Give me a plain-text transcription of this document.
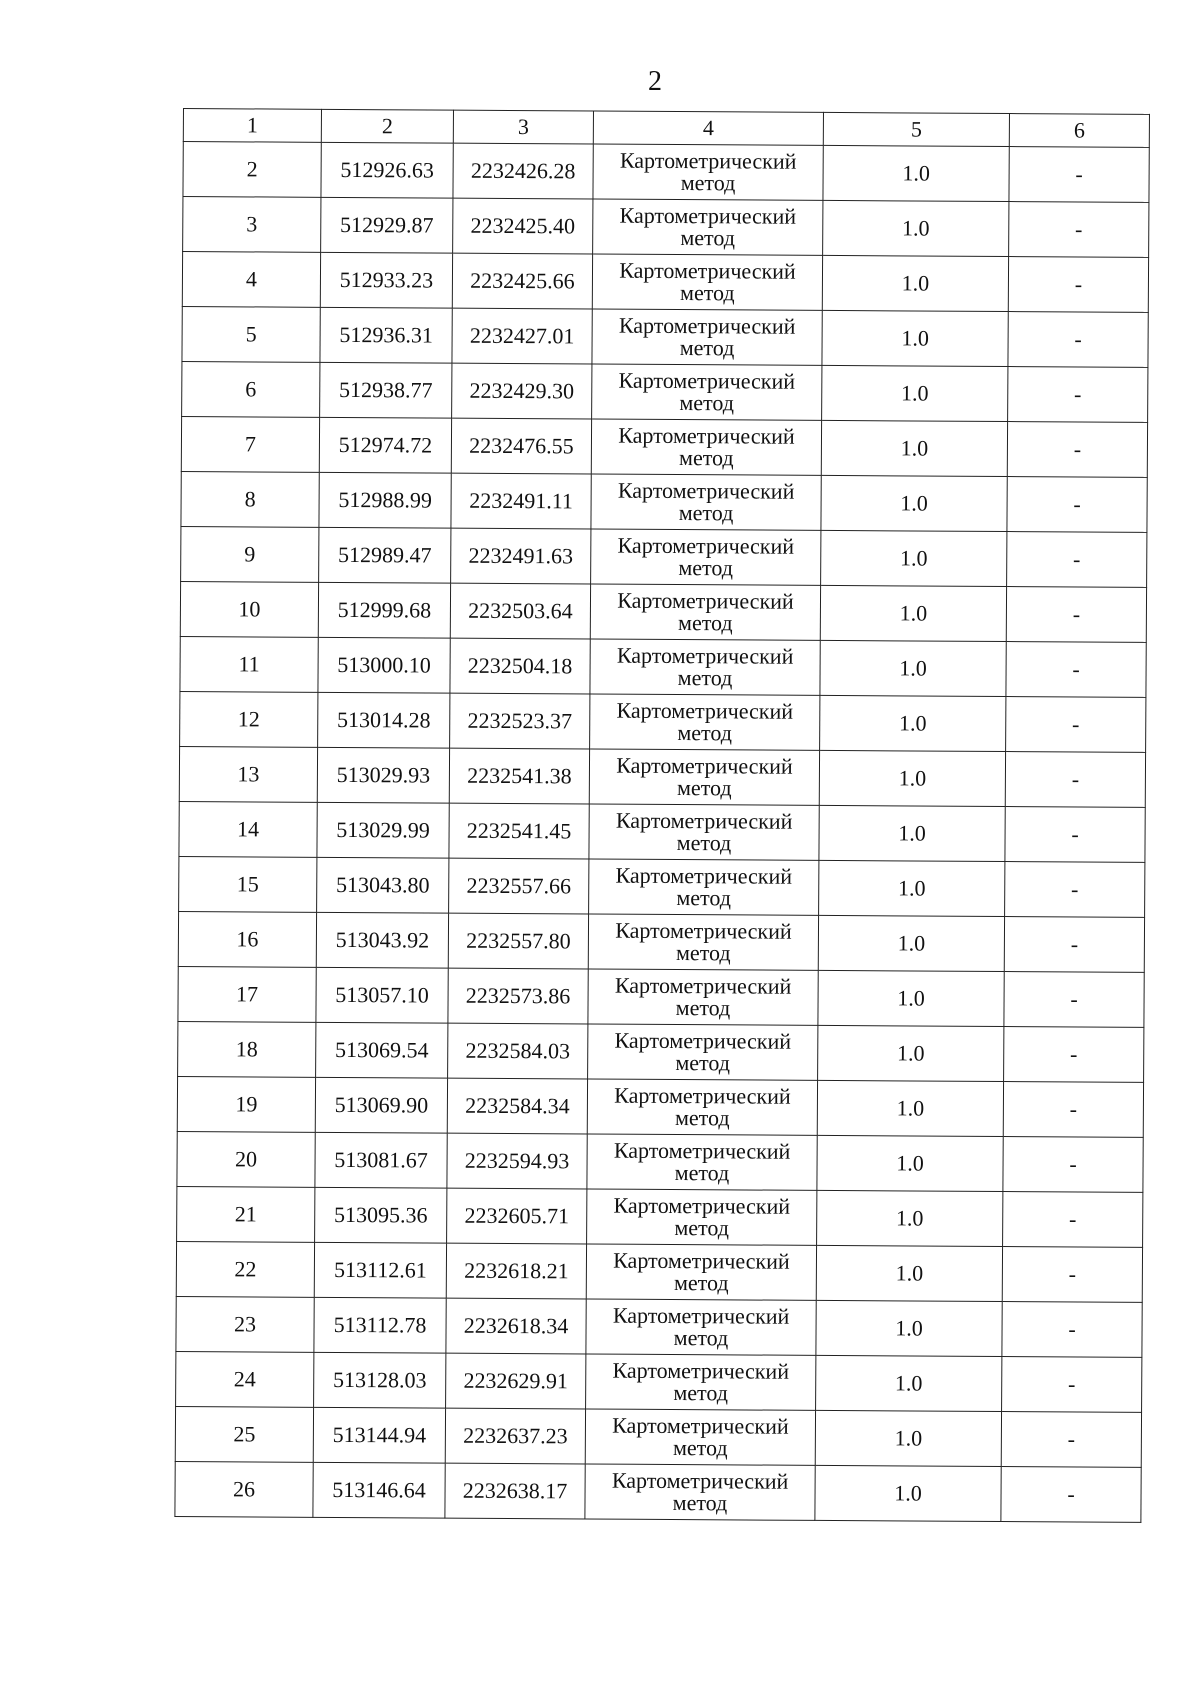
2
1	2	3	4	5	6
2	512926.63	2232426.28	Картометрический
метод	1.0	-
3	512929.87	2232425.40	Картометрический
метод	1.0	-
4	512933.23	2232425.66	Картометрический
метод	1.0	-
5	512936.31	2232427.01	Картометрический
метод	1.0	-
6	512938.77	2232429.30	Картометрический
метод	1.0	-
7	512974.72	2232476.55	Картометрический
метод	1.0	-
8	512988.99	2232491.11	Картометрический
метод	1.0	-
9	512989.47	2232491.63	Картометрический
метод	1.0	-
10	512999.68	2232503.64	Картометрический
метод	1.0	-
11	513000.10	2232504.18	Картометрический
метод	1.0	-
12	513014.28	2232523.37	Картометрический
метод	1.0	-
13	513029.93	2232541.38	Картометрический
метод	1.0	-
14	513029.99	2232541.45	Картометрический
метод	1.0	-
15	513043.80	2232557.66	Картометрический
метод	1.0	-
16	513043.92	2232557.80	Картометрический
метод	1.0	-
17	513057.10	2232573.86	Картометрический
метод	1.0	-
18	513069.54	2232584.03	Картометрический
метод	1.0	-
19	513069.90	2232584.34	Картометрический
метод	1.0	-
20	513081.67	2232594.93	Картометрический
метод	1.0	-
21	513095.36	2232605.71	Картометрический
метод	1.0	-
22	513112.61	2232618.21	Картометрический
метод	1.0	-
23	513112.78	2232618.34	Картометрический
метод	1.0	-
24	513128.03	2232629.91	Картометрический
метод	1.0	-
25	513144.94	2232637.23	Картометрический
метод	1.0	-
26	513146.64	2232638.17	Картометрический
метод	1.0	-
